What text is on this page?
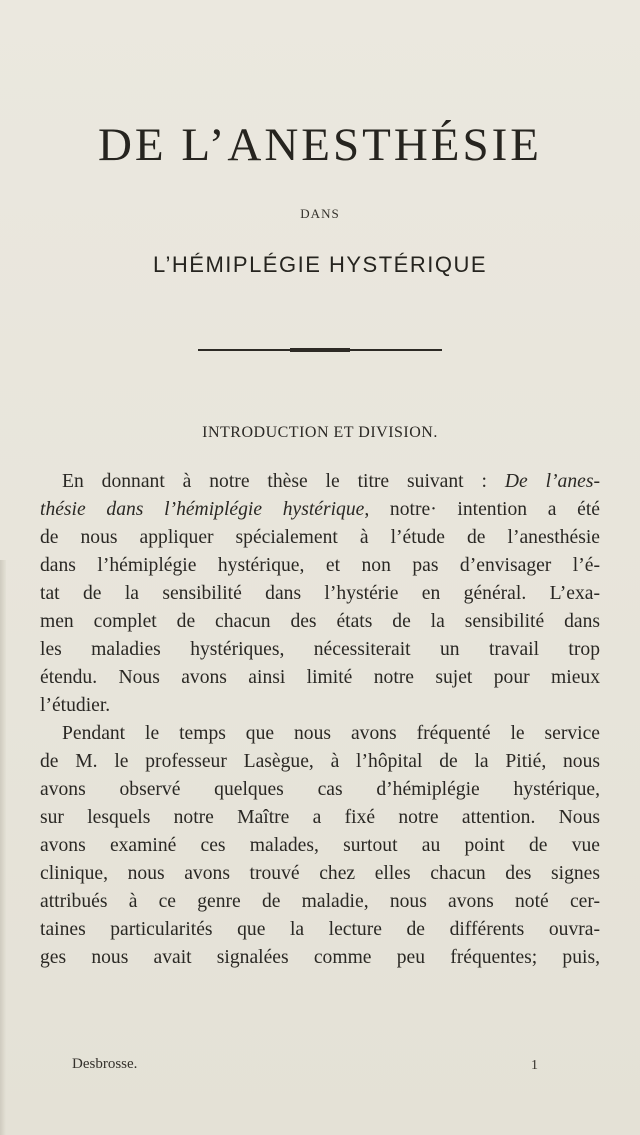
DE L’ANESTHÉSIE
DANS
L’HÉMIPLÉGIE HYSTÉRIQUE
INTRODUCTION ET DIVISION.
En donnant à notre thèse le titre suivant : De l’anes-
thésie dans l’hémiplégie hystérique, notre· intention a été
de nous appliquer spécialement à l’étude de l’anesthésie
dans l’hémiplégie hystérique, et non pas d’envisager l’é-
tat de la sensibilité dans l’hystérie en général. L’exa-
men complet de chacun des états de la sensibilité dans
les maladies hystériques, nécessiterait un travail trop
étendu. Nous avons ainsi limité notre sujet pour mieux
l’étudier.
Pendant le temps que nous avons fréquenté le service
de M. le professeur Lasègue, à l’hôpital de la Pitié, nous
avons observé quelques cas d’hémiplégie hystérique,
sur lesquels notre Maître a fixé notre attention. Nous
avons examiné ces malades, surtout au point de vue
clinique, nous avons trouvé chez elles chacun des signes
attribués à ce genre de maladie, nous avons noté cer-
taines particularités que la lecture de différents ouvra-
ges nous avait signalées comme peu fréquentes; puis,
Desbrosse.	1
